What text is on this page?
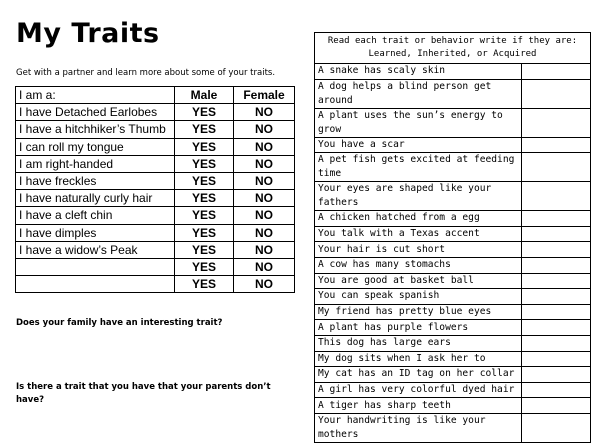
My Traits
Get with a partner and learn more about some of your traits.
I am a:	Male	Female
I have Detached Earlobes	YES	NO
I have a hitchhiker’s Thumb	YES	NO
I can roll my tongue	YES	NO
I am right-handed	YES	NO
I have freckles	YES	NO
I have naturally curly hair	YES	NO
I have a cleft chin	YES	NO
I have dimples	YES	NO
I have a widow’s Peak	YES	NO
	YES	NO
	YES	NO
Does your family have an interesting trait?
Is there a trait that you have that your parents don’t have?
Read each trait or behavior write if they are:
Learned, Inherited, or Acquired	

A snake has scaly skin	
A dog helps a blind person get around	
A plant uses the sun’s energy to grow	
You have a scar	
A pet fish gets excited at feeding time	
Your eyes are shaped like your fathers	
A chicken hatched from a egg	
You talk with a Texas accent	
Your hair is cut short	
A cow has many stomachs	
You are good at basket ball	
You can speak spanish	
My friend has pretty blue eyes	
A plant has purple flowers	
This dog has large ears	
My dog sits when I ask her to	
My cat has an ID tag on her collar	
A girl has very colorful dyed hair	
A tiger has sharp teeth	
Your handwriting is like your mothers	
